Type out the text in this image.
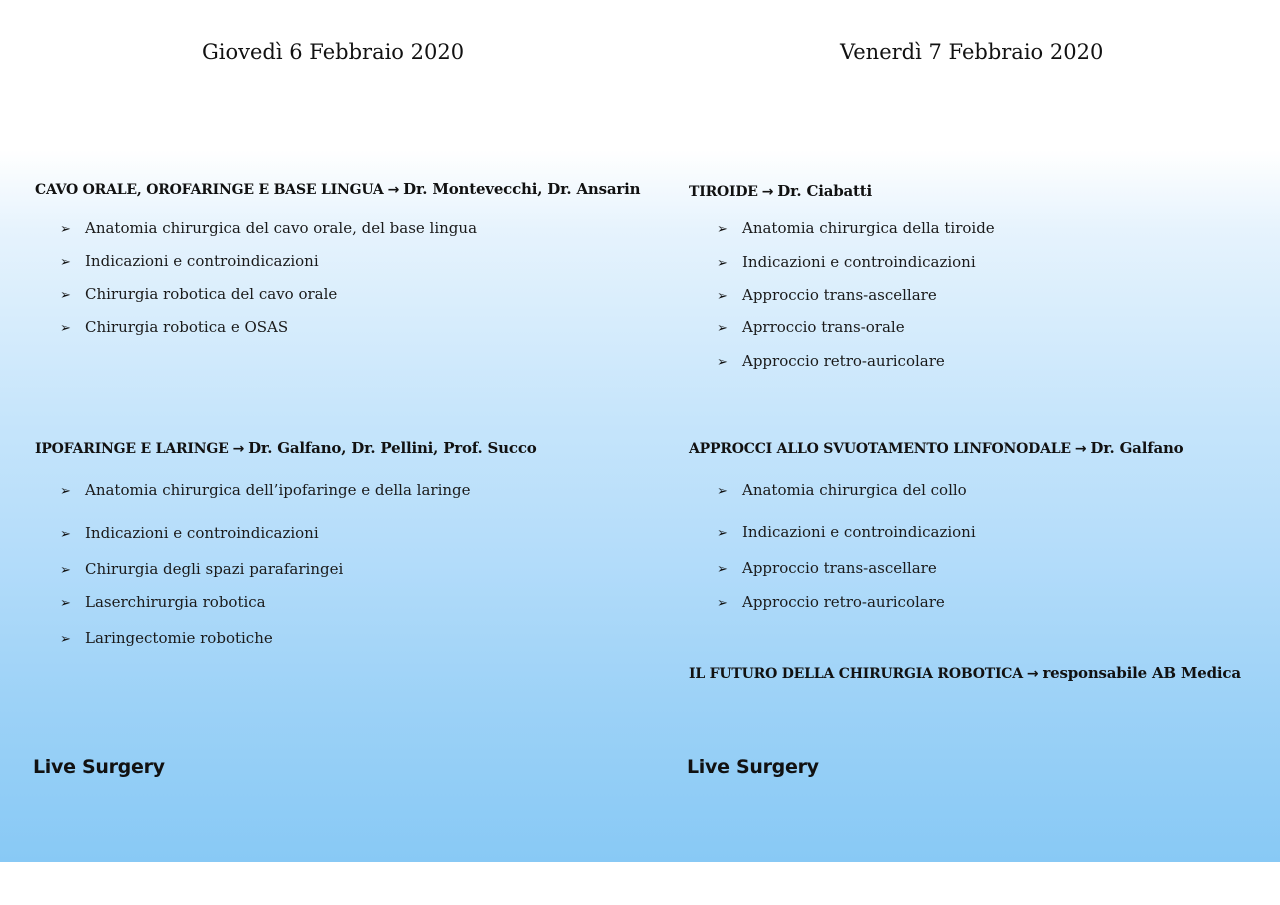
Giovedì 6 Febbraio 2020
CAVO ORALE, OROFARINGE E BASE LINGUA → Dr. Montevecchi, Dr. Ansarin
➢ Anatomia chirurgica del cavo orale, del base lingua
➢ Indicazioni e controindicazioni
➢ Chirurgia robotica del cavo orale
➢ Chirurgia robotica e OSAS
IPOFARINGE E LARINGE → Dr. Galfano, Dr. Pellini, Prof. Succo
➢ Anatomia chirurgica dell’ipofaringe e della laringe
➢ Indicazioni e controindicazioni
➢ Chirurgia degli spazi parafaringei
➢ Laserchirurgia robotica
➢ Laringectomie robotiche
Live Surgery
Venerdì 7 Febbraio 2020
TIROIDE → Dr. Ciabatti
➢ Anatomia chirurgica della tiroide
➢ Indicazioni e controindicazioni
➢ Approccio trans-ascellare
➢ Aprroccio trans-orale
➢ Approccio retro-auricolare
APPROCCI ALLO SVUOTAMENTO LINFONODALE → Dr. Galfano
➢ Anatomia chirurgica del collo
➢ Indicazioni e controindicazioni
➢ Approccio trans-ascellare
➢ Approccio retro-auricolare
IL FUTURO DELLA CHIRURGIA ROBOTICA → responsabile AB Medica
Live Surgery
